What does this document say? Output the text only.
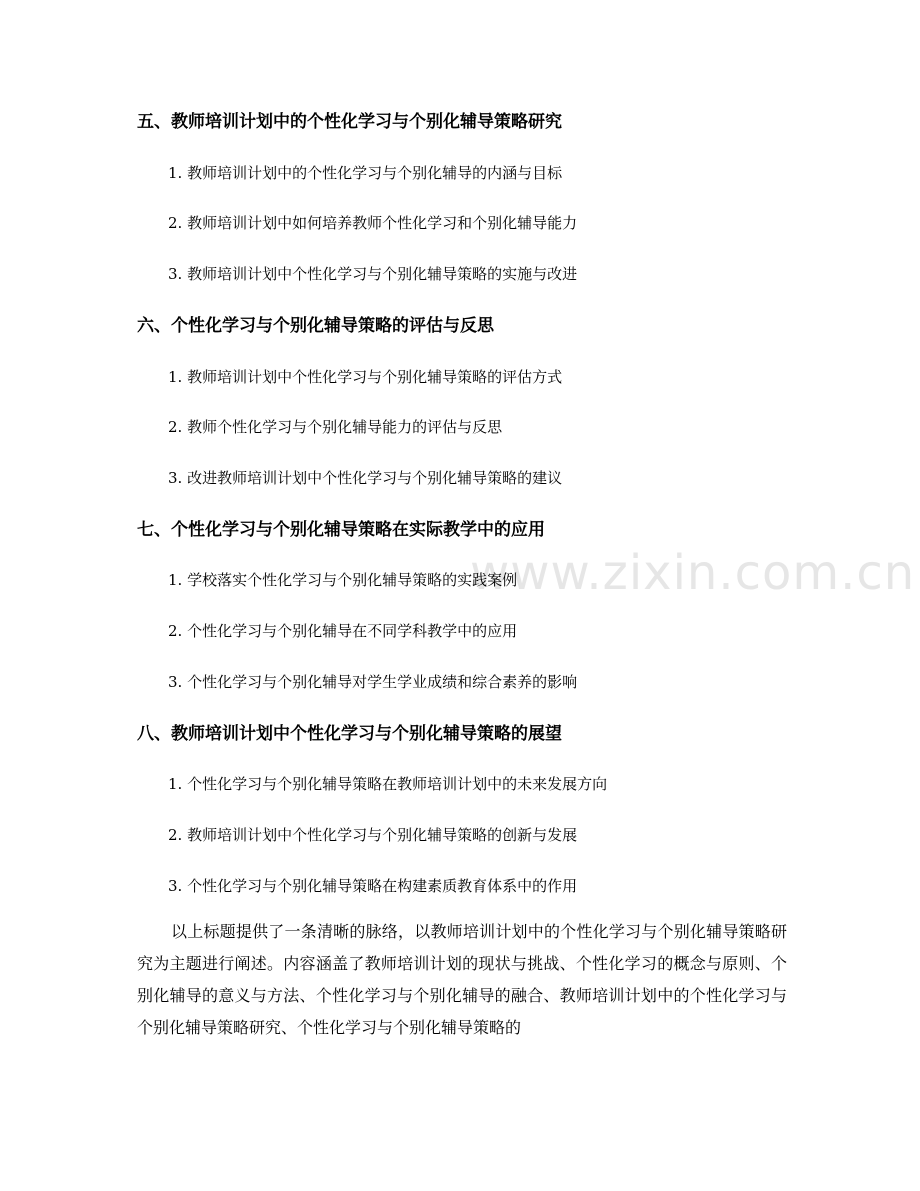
www.zixin.com.cn
五、教师培训计划中的个性化学习与个别化辅导策略研究
1. 教师培训计划中的个性化学习与个别化辅导的内涵与目标
2. 教师培训计划中如何培养教师个性化学习和个别化辅导能力
3. 教师培训计划中个性化学习与个别化辅导策略的实施与改进
六、个性化学习与个别化辅导策略的评估与反思
1. 教师培训计划中个性化学习与个别化辅导策略的评估方式
2. 教师个性化学习与个别化辅导能力的评估与反思
3. 改进教师培训计划中个性化学习与个别化辅导策略的建议
七、个性化学习与个别化辅导策略在实际教学中的应用
1. 学校落实个性化学习与个别化辅导策略的实践案例
2. 个性化学习与个别化辅导在不同学科教学中的应用
3. 个性化学习与个别化辅导对学生学业成绩和综合素养的影响
八、教师培训计划中个性化学习与个别化辅导策略的展望
1. 个性化学习与个别化辅导策略在教师培训计划中的未来发展方向
2. 教师培训计划中个性化学习与个别化辅导策略的创新与发展
3. 个性化学习与个别化辅导策略在构建素质教育体系中的作用
以上标题提供了一条清晰的脉络，以教师培训计划中的个性化学习与个别化辅导策略研究为主题进行阐述。内容涵盖了教师培训计划的现状与挑战、个性化学习的概念与原则、个别化辅导的意义与方法、个性化学习与个别化辅导的融合、教师培训计划中的个性化学习与个别化辅导策略研究、个性化学习与个别化辅导策略的
